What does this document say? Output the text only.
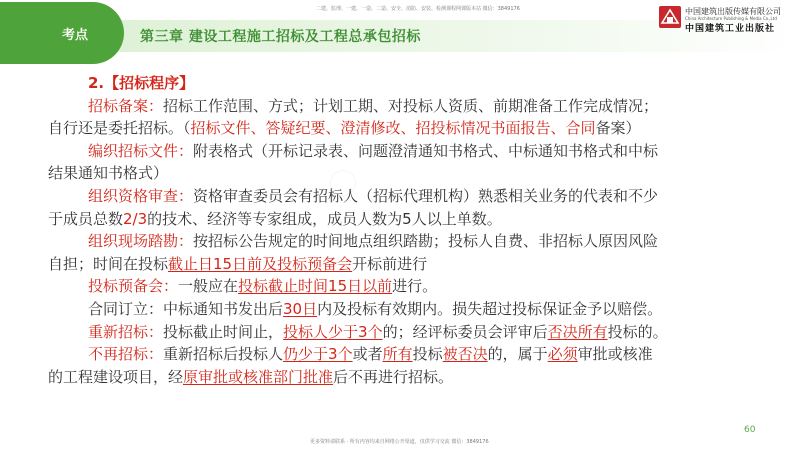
考点	第三章 建设工程施工招标及工程总承包招标
二建、监理、一建、一造、二造、安全、消防、安装、检测课程网课版本站 微信：3849176	中国建筑出版传媒有限公司
China Architecture Publishing & Media Co.,Ltd
中国建筑工业出版社
2.【招标程序】
招标备案：招标工作范围、方式；计划工期、对投标人资质、前期准备工作完成情况；
自行还是委托招标。（招标文件、答疑纪要、澄清修改、招投标情况书面报告、合同备案）
编织招标文件：附表格式（开标记录表、问题澄清通知书格式、中标通知书格式和中标
结果通知书格式）
组织资格审查：资格审查委员会有招标人（招标代理机构）熟悉相关业务的代表和不少
于成员总数2/3的技术、经济等专家组成，成员人数为5人以上单数。
组织现场踏勘：按招标公告规定的时间地点组织踏勘；投标人自费、非招标人原因风险
自担；时间在投标截止日15日前及投标预备会开标前进行
投标预备会：一般应在投标截止时间15日以前进行。
合同订立：中标通知书发出后30日内及投标有效期内。损失超过投标保证金予以赔偿。
重新招标：投标截止时间止，投标人少于3个的；经评标委员会评审后否决所有投标的。
不再招标：重新招标后投标人仍少于3个或者所有投标被否决的，属于必须审批或核准
的工程建设项目，经原审批或核准部门批准后不再进行招标。
60
更多资料请联系 · 所有内容均来自网络公开渠道，仅供学习交流 微信：3849176
